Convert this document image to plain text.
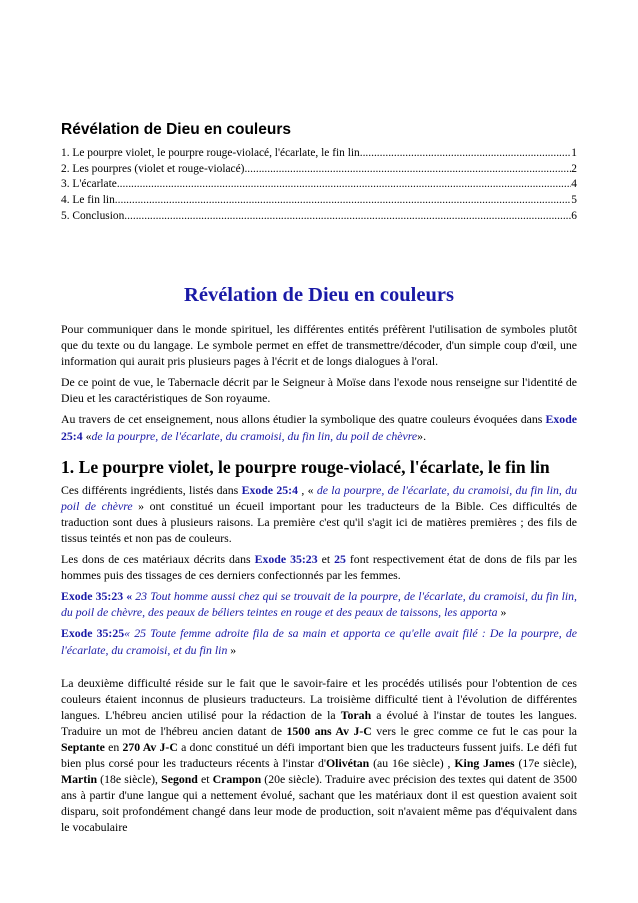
Révélation de Dieu en couleurs
1. Le pourpre violet, le pourpre rouge-violacé, l'écarlate, le fin lin .....	1
2. Les pourpres (violet et rouge-violacé) .....	2
3. L'écarlate .....	4
4. Le fin lin .....	5
5. Conclusion .....	6
Révélation de Dieu en couleurs

Pour communiquer dans le monde spirituel, les différentes entités préfèrent l'utilisation de symboles plutôt que du texte ou du langage. Le symbole permet en effet de transmettre/décoder, d'un simple coup d'œil, une information qui aurait pris plusieurs pages à l'écrit et de longs dialogues à l'oral.

De ce point de vue, le Tabernacle décrit par le Seigneur à Moïse dans l'exode nous renseigne sur l'identité de Dieu et les caractéristiques de Son royaume.

Au travers de cet enseignement, nous allons étudier la symbolique des quatre couleurs évoquées dans Exode 25:4 «de la pourpre, de l'écarlate, du cramoisi, du fin lin, du poil de chèvre».

1. Le pourpre violet, le pourpre rouge-violacé, l'écarlate, le fin lin

Ces différents ingrédients, listés dans Exode 25:4 , « de la pourpre, de l'écarlate, du cramoisi, du fin lin, du poil de chèvre » ont constitué un écueil important pour les traducteurs de la Bible. Ces difficultés de traduction sont dues à plusieurs raisons. La première c'est qu'il s'agit ici de matières premières ; des fils de tissus teintés et non pas de couleurs.

Les dons de ces matériaux décrits dans Exode 35:23 et 25 font respectivement état de dons de fils par les hommes puis des tissages de ces derniers confectionnés par les femmes.

Exode 35:23 « 23 Tout homme aussi chez qui se trouvait de la pourpre, de l'écarlate, du cramoisi, du fin lin, du poil de chèvre, des peaux de béliers teintes en rouge et des peaux de taissons, les apporta »

Exode 35:25« 25 Toute femme adroite fila de sa main et apporta ce qu'elle avait filé : De la pourpre, de l'écarlate, du cramoisi, et du fin lin »

La deuxième difficulté réside sur le fait que le savoir-faire et les procédés utilisés pour l'obtention de ces couleurs étaient inconnus de plusieurs traducteurs. La troisième difficulté tient à l'évolution de différentes langues. L'hébreu ancien utilisé pour la rédaction de la Torah a évolué à l'instar de toutes les langues. Traduire un mot de l'hébreu ancien datant de 1500 ans Av J-C vers le grec comme ce fut le cas pour la Septante en 270 Av J-C a donc constitué un défi important bien que les traducteurs fussent juifs. Le défi fut bien plus corsé pour les traducteurs récents à l'instar d'Olivétan (au 16e siècle) , King James (17e siècle), Martin (18e siècle), Segond et Crampon (20e siècle). Traduire avec précision des textes qui datent de 3500 ans à partir d'une langue qui a nettement évolué, sachant que les matériaux dont il est question avaient soit disparu, soit profondément changé dans leur mode de production, soit n'avaient même pas d'équivalent dans le vocabulaire
